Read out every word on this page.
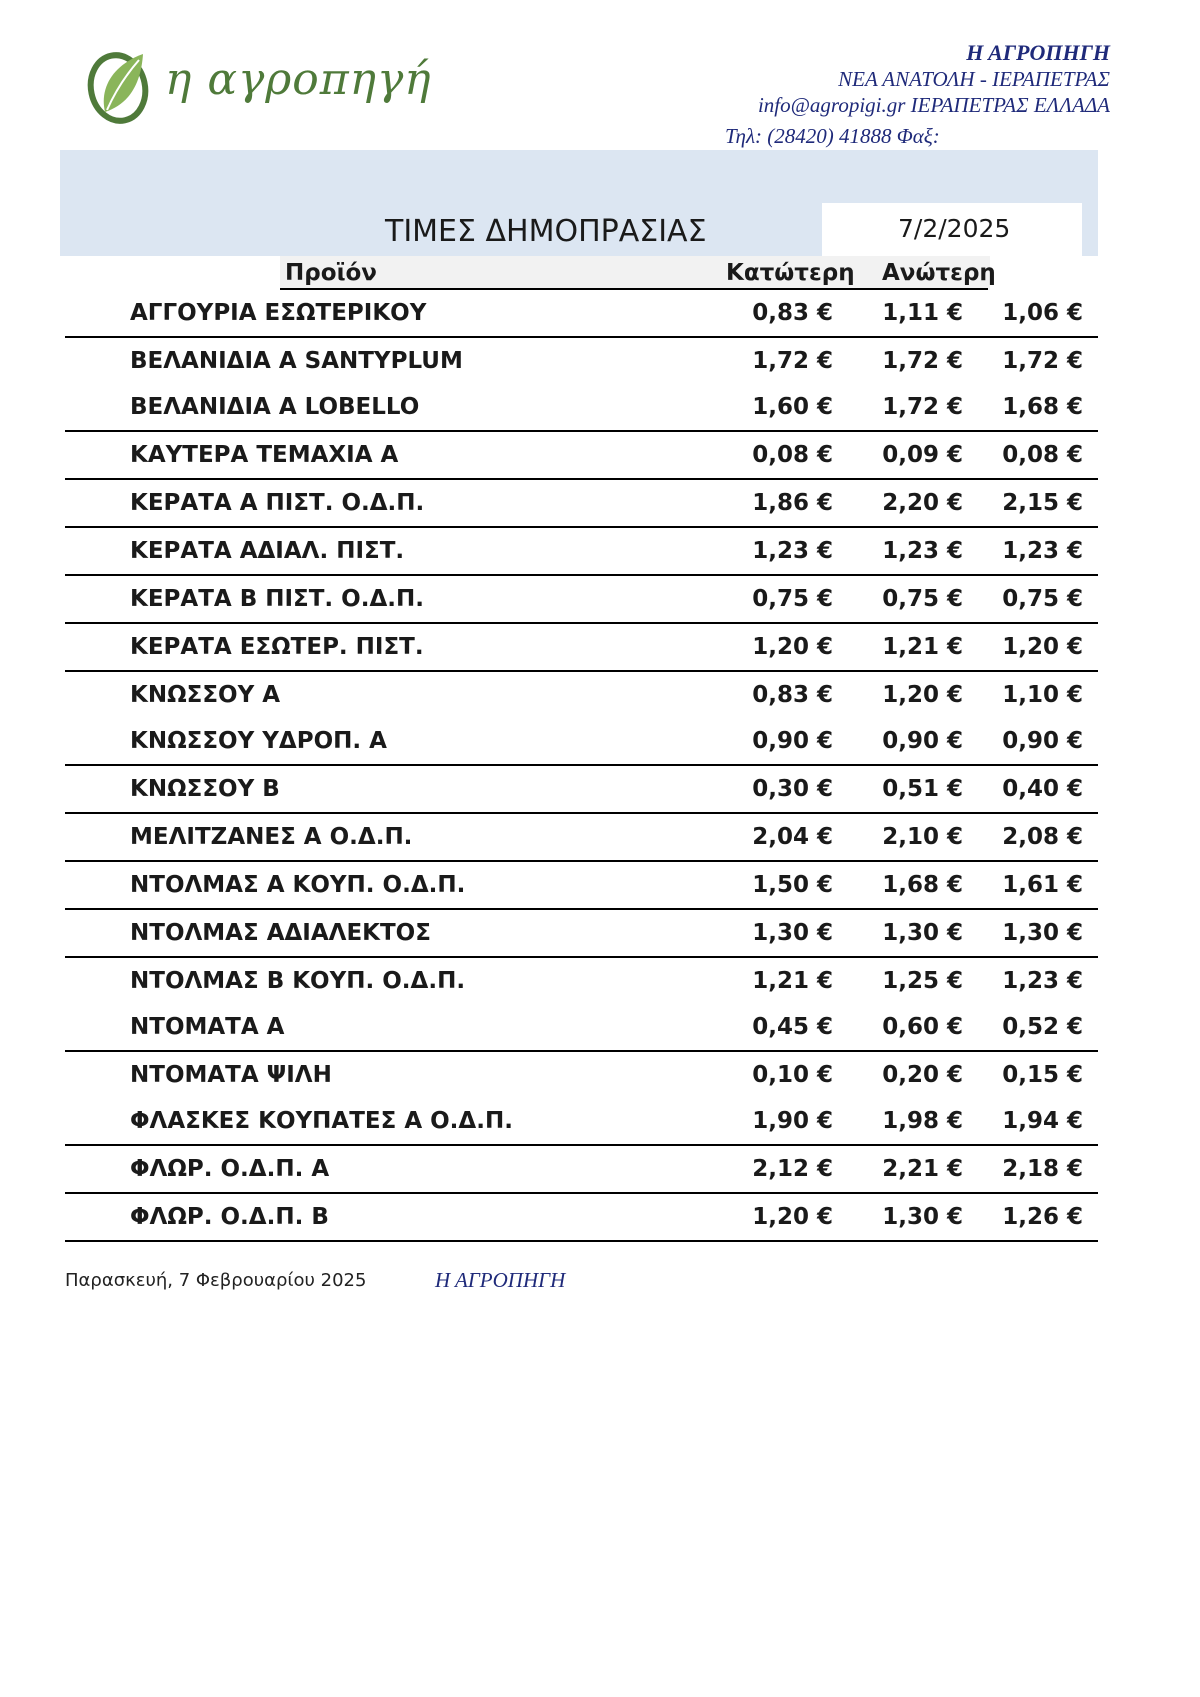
η αγροπηγή
Η ΑΓΡΟΠΗΓΗ
ΝΕΑ ΑΝΑΤΟΛΗ - ΙΕΡΑΠΕΤΡΑΣ
info@agropigi.gr ΙΕΡΑΠΕΤΡΑΣ ΕΛΛΑΔΑ
Τηλ: (28420) 41888 Φαξ:
7/2/2025
ΤΙΜΕΣ ΔΗΜΟΠΡΑΣΙΑΣ
Προϊόν	Κατώτερη Ανώτερη
ΑΓΓΟΥΡΙΑ ΕΣΩΤΕΡΙΚΟΥ	0,83 €	1,11 €	1,06 €
ΒΕΛΑΝΙΔΙΑ Α SANTYPLUM	1,72 €	1,72 €	1,72 €
ΒΕΛΑΝΙΔΙΑ Α LOBELLO	1,60 €	1,72 €	1,68 €
ΚΑΥΤΕΡΑ ΤΕΜΑΧΙΑ Α	0,08 €	0,09 €	0,08 €
ΚΕΡΑΤΑ Α ΠΙΣΤ. Ο.Δ.Π.	1,86 €	2,20 €	2,15 €
ΚΕΡΑΤΑ ΑΔΙΑΛ. ΠΙΣΤ.	1,23 €	1,23 €	1,23 €
ΚΕΡΑΤΑ Β ΠΙΣΤ. Ο.Δ.Π.	0,75 €	0,75 €	0,75 €
ΚΕΡΑΤΑ ΕΣΩΤΕΡ. ΠΙΣΤ.	1,20 €	1,21 €	1,20 €
ΚΝΩΣΣΟΥ Α	0,83 €	1,20 €	1,10 €
ΚΝΩΣΣΟΥ ΥΔΡΟΠ. Α	0,90 €	0,90 €	0,90 €
ΚΝΩΣΣΟΥ Β	0,30 €	0,51 €	0,40 €
ΜΕΛΙΤΖΑΝΕΣ Α Ο.Δ.Π.	2,04 €	2,10 €	2,08 €
ΝΤΟΛΜΑΣ Α ΚΟΥΠ. Ο.Δ.Π.	1,50 €	1,68 €	1,61 €
ΝΤΟΛΜΑΣ ΑΔΙΑΛΕΚΤΟΣ	1,30 €	1,30 €	1,30 €
ΝΤΟΛΜΑΣ Β ΚΟΥΠ. Ο.Δ.Π.	1,21 €	1,25 €	1,23 €
ΝΤΟΜΑΤΑ Α	0,45 €	0,60 €	0,52 €
ΝΤΟΜΑΤΑ ΨΙΛΗ	0,10 €	0,20 €	0,15 €
ΦΛΑΣΚΕΣ ΚΟΥΠΑΤΕΣ Α Ο.Δ.Π.	1,90 €	1,98 €	1,94 €
ΦΛΩΡ. Ο.Δ.Π. Α	2,12 €	2,21 €	2,18 €
ΦΛΩΡ. Ο.Δ.Π. Β	1,20 €	1,30 €	1,26 €
Παρασκευή, 7 Φεβρουαρίου 2025	Η ΑΓΡΟΠΗΓΗ
